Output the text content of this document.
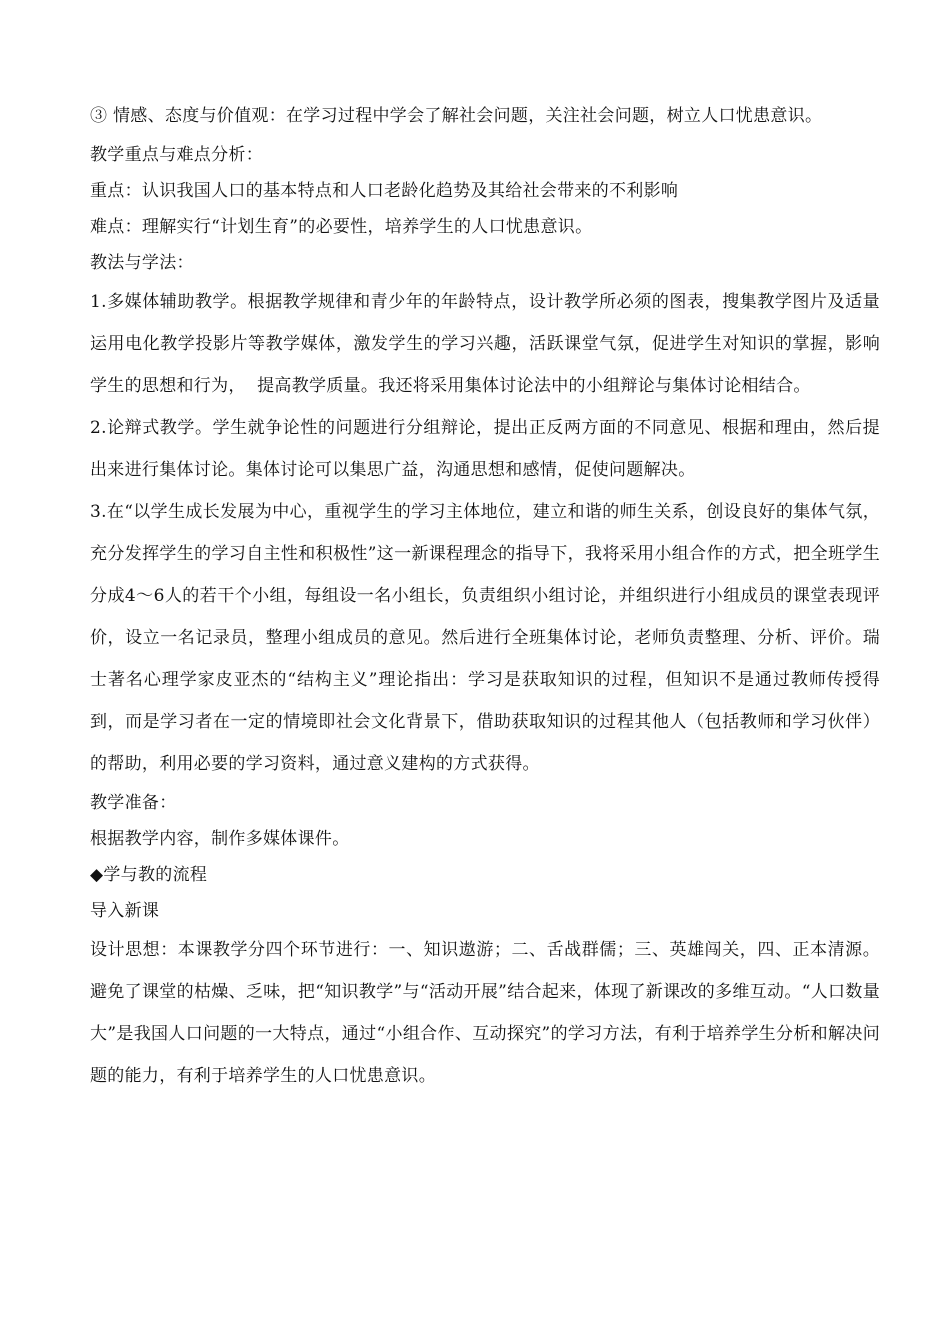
③ 情感、态度与价值观：在学习过程中学会了解社会问题，关注社会问题，树立人口忧患意识。

教学重点与难点分析：

重点：认识我国人口的基本特点和人口老龄化趋势及其给社会带来的不利影响

难点：理解实行“计划生育”的必要性，培养学生的人口忧患意识。

教法与学法：

1.多媒体辅助教学。根据教学规律和青少年的年龄特点，设计教学所必须的图表，搜集教学图片及适量运用电化教学投影片等教学媒体，激发学生的学习兴趣，活跃课堂气氛，促进学生对知识的掌握，影响学生的思想和行为，  提高教学质量。我还将采用集体讨论法中的小组辩论与集体讨论相结合。

2.论辩式教学。学生就争论性的问题进行分组辩论，提出正反两方面的不同意见、根据和理由，然后提出来进行集体讨论。集体讨论可以集思广益，沟通思想和感情，促使问题解决。

3.在“以学生成长发展为中心，重视学生的学习主体地位，建立和谐的师生关系，创设良好的集体气氛，充分发挥学生的学习自主性和积极性”这一新课程理念的指导下，我将采用小组合作的方式，把全班学生分成4～6人的若干个小组，每组设一名小组长，负责组织小组讨论，并组织进行小组成员的课堂表现评价，设立一名记录员，整理小组成员的意见。然后进行全班集体讨论，老师负责整理、分析、评价。瑞士著名心理学家皮亚杰的“结构主义”理论指出：学习是获取知识的过程，但知识不是通过教师传授得到，而是学习者在一定的情境即社会文化背景下，借助获取知识的过程其他人（包括教师和学习伙伴）的帮助，利用必要的学习资料，通过意义建构的方式获得。

教学准备：

根据教学内容，制作多媒体课件。

◆学与教的流程

导入新课

设计思想：本课教学分四个环节进行：一、知识遨游；二、舌战群儒；三、英雄闯关，四、正本清源。避免了课堂的枯燥、乏味，把“知识教学”与“活动开展”结合起来，体现了新课改的多维互动。“人口数量大”是我国人口问题的一大特点，通过“小组合作、互动探究”的学习方法，有利于培养学生分析和解决问题的能力，有利于培养学生的人口忧患意识。
